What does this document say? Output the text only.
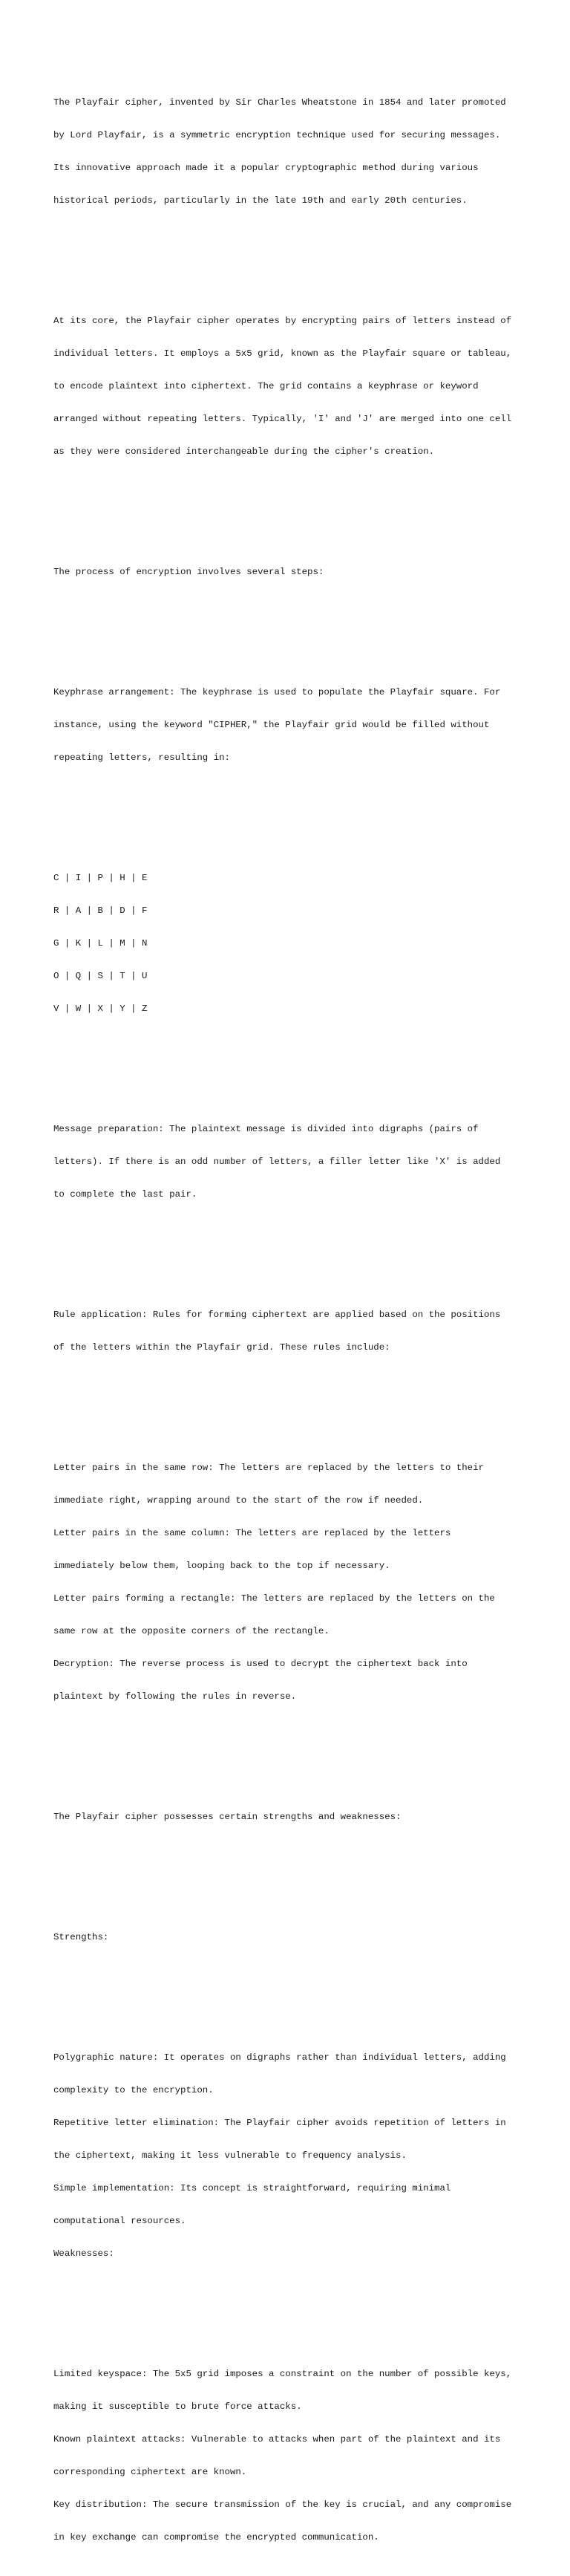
The Playfair cipher, invented by Sir Charles Wheatstone in 1854 and later promoted

by Lord Playfair, is a symmetric encryption technique used for securing messages.

Its innovative approach made it a popular cryptographic method during various

historical periods, particularly in the late 19th and early 20th centuries.

At its core, the Playfair cipher operates by encrypting pairs of letters instead of

individual letters. It employs a 5x5 grid, known as the Playfair square or tableau,

to encode plaintext into ciphertext. The grid contains a keyphrase or keyword

arranged without repeating letters. Typically, 'I' and 'J' are merged into one cell

as they were considered interchangeable during the cipher's creation.

The process of encryption involves several steps:

Keyphrase arrangement: The keyphrase is used to populate the Playfair square. For

instance, using the keyword "CIPHER," the Playfair grid would be filled without

repeating letters, resulting in:

C | I | P | H | E

R | A | B | D | F

G | K | L | M | N

O | Q | S | T | U

V | W | X | Y | Z

Message preparation: The plaintext message is divided into digraphs (pairs of

letters). If there is an odd number of letters, a filler letter like 'X' is added

to complete the last pair.

Rule application: Rules for forming ciphertext are applied based on the positions

of the letters within the Playfair grid. These rules include:

Letter pairs in the same row: The letters are replaced by the letters to their

immediate right, wrapping around to the start of the row if needed.

Letter pairs in the same column: The letters are replaced by the letters

immediately below them, looping back to the top if necessary.

Letter pairs forming a rectangle: The letters are replaced by the letters on the

same row at the opposite corners of the rectangle.

Decryption: The reverse process is used to decrypt the ciphertext back into

plaintext by following the rules in reverse.

The Playfair cipher possesses certain strengths and weaknesses:

Strengths:

Polygraphic nature: It operates on digraphs rather than individual letters, adding

complexity to the encryption.

Repetitive letter elimination: The Playfair cipher avoids repetition of letters in

the ciphertext, making it less vulnerable to frequency analysis.

Simple implementation: Its concept is straightforward, requiring minimal

computational resources.

Weaknesses:

Limited keyspace: The 5x5 grid imposes a constraint on the number of possible keys,

making it susceptible to brute force attacks.

Known plaintext attacks: Vulnerable to attacks when part of the plaintext and its

corresponding ciphertext are known.

Key distribution: The secure transmission of the key is crucial, and any compromise

in key exchange can compromise the encrypted communication.
